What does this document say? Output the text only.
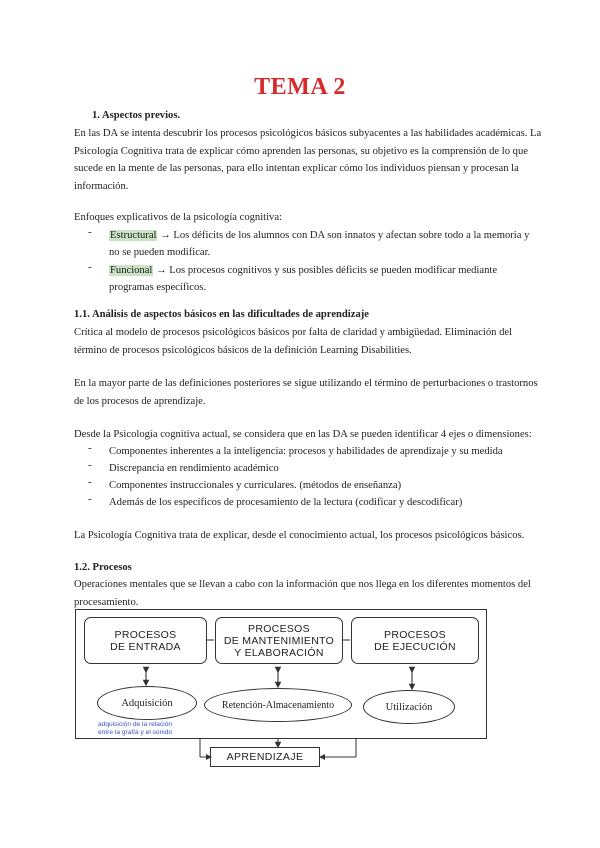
TEMA 2
1. Aspectos previos.
En las DA se intenta descubrir los procesos psicológicos básicos subyacentes a las habilidades académicas. La
Psicología Cognitiva trata de explicar cómo aprenden las personas, su objetivo es la comprensión de lo que
sucede en la mente de las personas, para ello intentan explicar cómo los individuos piensan y procesan la
información.
Enfoques explicativos de la psicología cognitiva:
- Estructural → Los déficits de los alumnos con DA son innatos y afectan sobre todo a la memoria y
no se pueden modificar.
- Funcional → Los procesos cognitivos y sus posibles déficits se pueden modificar mediante
programas específicos.
1.1. Análisis de aspectos básicos en las dificultades de aprendizaje
Crítica al modelo de procesos psicológicos básicos por falta de claridad y ambigüedad. Eliminación del
término de procesos psicológicos básicos de la definición Learning Disabilities.
En la mayor parte de las definiciones posteriores se sigue utilizando el término de perturbaciones o trastornos
de los procesos de aprendizaje.
Desde la Psicología cognitiva actual, se considera que en las DA se pueden identificar 4 ejes o dimensiones:
- Componentes inherentes a la inteligencia: procesos y habilidades de aprendizaje y su medida
- Discrepancia en rendimiento académico
- Componentes instruccionales y curriculares. (métodos de enseñanza)
- Además de los específicos de procesamiento de la lectura (codificar y descodificar)
La Psicología Cognitiva trata de explicar, desde el conocimiento actual, los procesos psicológicos básicos.
1.2. Procesos
Operaciones mentales que se llevan a cabo con la información que nos llega en los diferentes momentos del
procesamiento.
PROCESOS
DE ENTRADA
PROCESOS
DE MANTENIMIENTO
Y ELABORACIÓN
PROCESOS
DE EJECUCIÓN
Adquisición	Retención-Almacenamiento	Utilización
adquisición de la relación
entre la grafía y el sonido
APRENDIZAJE
